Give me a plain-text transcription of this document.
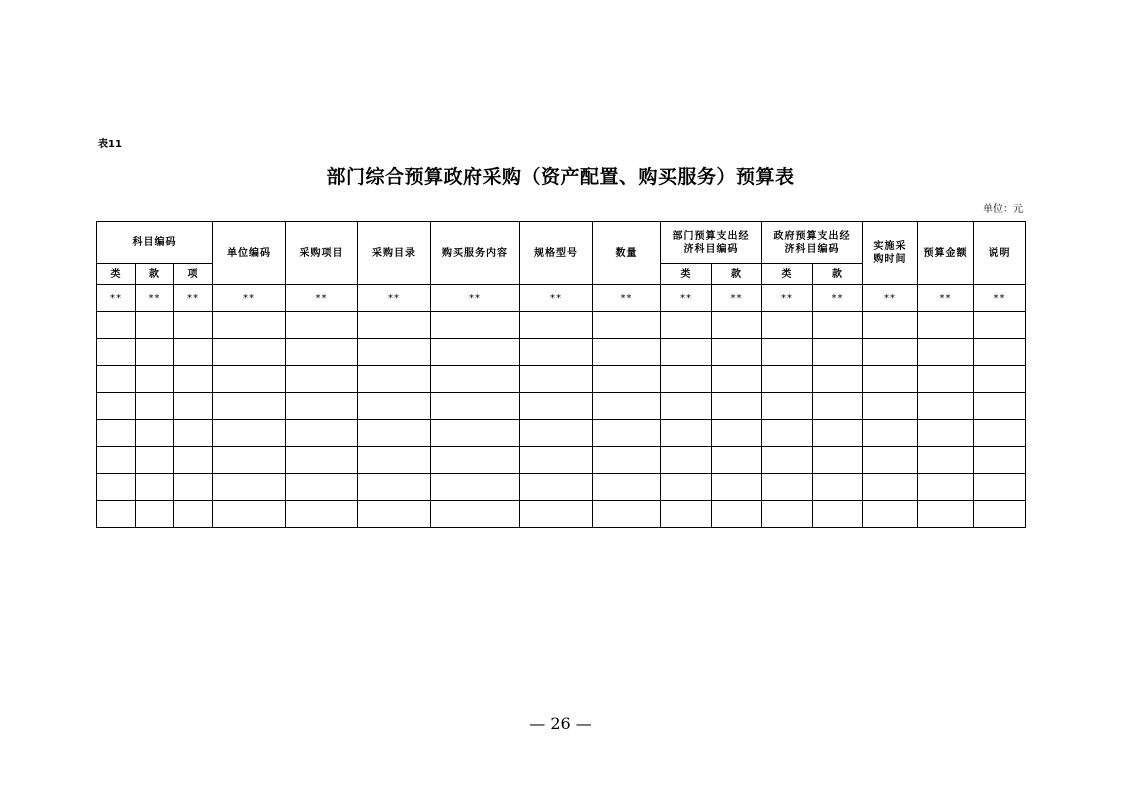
表11
部门综合预算政府采购（资产配置、购买服务）预算表
单位：元
科目编码			单位编码	采购项目	采购目录	购买服务内容	规格型号	数量	部门预算支出经济科目编码		政府预算支出经济科目编码		实施采购时间	预算金额	说明
类	款	项							类	款	类	款			
**	**	**	**	**	**	**	**	**	**	**	**	**	**	**	**

— 26 —
